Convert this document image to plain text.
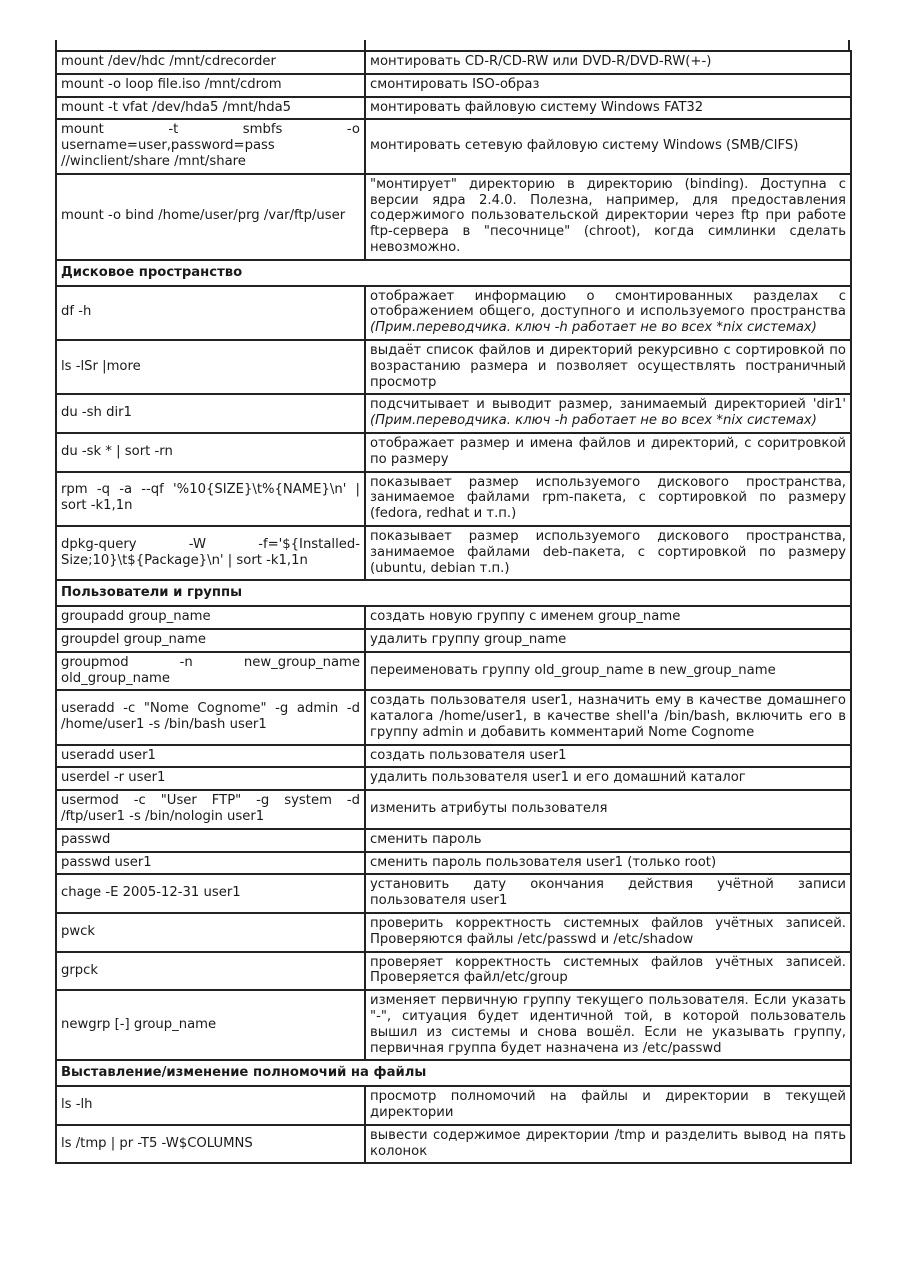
mount /dev/hdc /mnt/cdrecorder	монтировать CD-R/CD-RW или DVD-R/DVD-RW(+-)
mount -o loop file.iso /mnt/cdrom	смонтировать ISO-образ
mount -t vfat /dev/hda5 /mnt/hda5	монтировать файловую систему Windows FAT32
mount -t smbfs -o username=user,password=pass //winclient/share /mnt/share	монтировать сетевую файловую систему Windows (SMB/CIFS)
mount -o bind /home/user/prg /var/ftp/user	"монтирует" директорию в директорию (binding). Доступна с версии ядра 2.4.0. Полезна, например, для предоставления содержимого пользовательской директории через ftp при работе ftp-сервера в "песочнице" (chroot), когда симлинки сделать невозможно.
Дисковое пространство	
df -h	отображает информацию о смонтированных разделах с отображением общего, доступного и используемого пространства (Прим.переводчика. ключ -h работает не во всех *nix системах)
ls -lSr |more	выдаёт список файлов и директорий рекурсивно с сортировкой по возрастанию размера и позволяет осуществлять постраничный просмотр
du -sh dir1	подсчитывает и выводит размер, занимаемый директорией 'dir1' (Прим.переводчика. ключ -h работает не во всех *nix системах)
du -sk * | sort -rn	отображает размер и имена файлов и директорий, с соритровкой по размеру
rpm -q -a --qf '%10{SIZE}\t%{NAME}\n' | sort -k1,1n	показывает размер используемого дискового пространства, занимаемое файлами rpm-пакета, с сортировкой по размеру (fedora, redhat и т.п.)
dpkg-query -W -f='${Installed-Size;10}\t${Package}\n' | sort -k1,1n	показывает размер используемого дискового пространства, занимаемое файлами deb-пакета, с сортировкой по размеру (ubuntu, debian т.п.)
Пользователи и группы	
groupadd group_name	создать новую группу с именем group_name
groupdel group_name	удалить группу group_name
groupmod -n new_group_name old_group_name	переименовать группу old_group_name в new_group_name
useradd -c "Nome Cognome" -g admin -d /home/user1 -s /bin/bash user1	создать пользователя user1, назначить ему в качестве домашнего каталога /home/user1, в качестве shell'a /bin/bash, включить его в группу admin и добавить комментарий Nome Cognome
useradd user1	создать пользователя user1
userdel -r user1	удалить пользователя user1 и его домашний каталог
usermod -c "User FTP" -g system -d /ftp/user1 -s /bin/nologin user1	изменить атрибуты пользователя
passwd	сменить пароль
passwd user1	сменить пароль пользователя user1 (только root)
chage -E 2005-12-31 user1	установить дату окончания действия учётной записи пользователя user1
pwck	проверить корректность системных файлов учётных записей. Проверяются файлы /etc/passwd и /etc/shadow
grpck	проверяет корректность системных файлов учётных записей. Проверяется файл/etc/group
newgrp [-] group_name	изменяет первичную группу текущего пользователя. Если указать "-", ситуация будет идентичной той, в которой пользователь вышил из системы и снова вошёл. Если не указывать группу, первичная группа будет назначена из /etc/passwd
Выставление/изменение полномочий на файлы	
ls -lh	просмотр полномочий на файлы и директории в текущей директории
ls /tmp | pr -T5 -W$COLUMNS	вывести содержимое директории /tmp и разделить вывод на пять колонок
